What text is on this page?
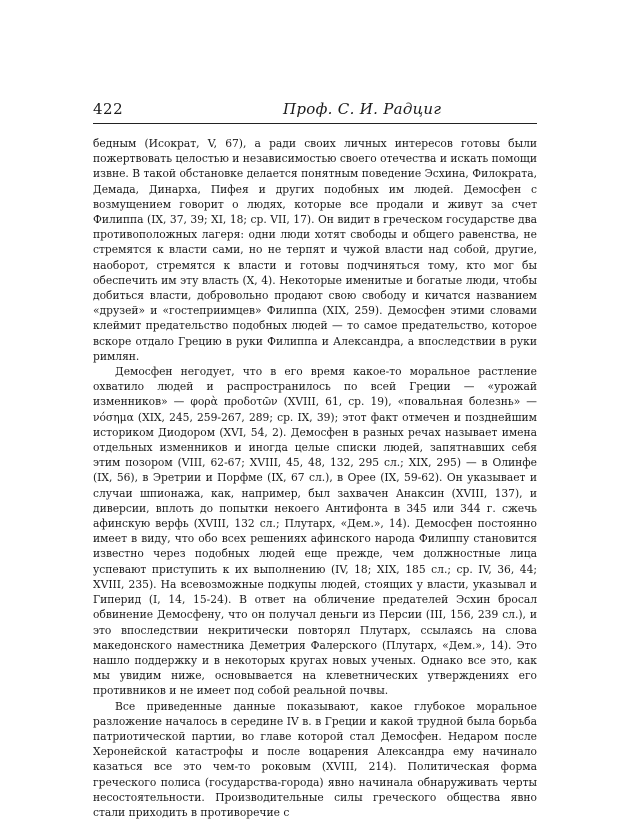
422	Проф. С. И. Радциг

бедным (Исократ, V, 67), а ради своих личных интересов готовы были пожертвовать целостью и независимостью своего отечества и искать помощи извне. В такой обстановке делается понятным поведение Эсхина, Филократа, Демада, Динарха, Пифея и других подобных им людей. Демосфен с возмущением говорит о людях, которые все продали и живут за счет Филиппа (IX, 37, 39; XI, 18; ср. VII, 17). Он видит в греческом государстве два противоположных лагеря: одни люди хотят свободы и общего равенства, не стремятся к власти сами, но не терпят и чужой власти над собой, другие, наоборот, стремятся к власти и готовы подчиняться тому, кто мог бы обеспечить им эту власть (X, 4). Некоторые именитые и богатые люди, чтобы добиться власти, добровольно продают свою свободу и кичатся названием «друзей» и «гостеприимцев» Филиппа (XIX, 259). Демосфен этими словами клеймит предательство подобных людей — то самое предательство, которое вскоре отдало Грецию в руки Филиппа и Александра, а впоследствии в руки римлян.

Демосфен негодует, что в его время какое-то моральное растление охватило людей и распространилось по всей Греции — «урожай изменников» — φορὰ προδοτῶν (XVIII, 61, ср. 19), «повальная болезнь» — νόσημα (XIX, 245, 259-267, 289; ср. IX, 39); этот факт отмечен и позднейшим историком Диодором (XVI, 54, 2). Демосфен в разных речах называет имена отдельных изменников и иногда целые списки людей, запятнавших себя этим позором (VIII, 62-67; XVIII, 45, 48, 132, 295 сл.; XIX, 295) — в Олинфе (IX, 56), в Эретрии и Порфме (IX, 67 сл.), в Орее (IX, 59-62). Он указывает и случаи шпионажа, как, например, был захвачен Анаксин (XVIII, 137), и диверсии, вплоть до попытки некоего Антифонта в 345 или 344 г. сжечь афинскую верфь (XVIII, 132 сл.; Плутарх, «Дем.», 14). Демосфен постоянно имеет в виду, что обо всех решениях афинского народа Филиппу становится известно через подобных людей еще прежде, чем должностные лица успевают приступить к их выполнению (IV, 18; XIX, 185 сл.; ср. IV, 36, 44; XVIII, 235). На всевозможные подкупы людей, стоящих у власти, указывал и Гиперид (I, 14, 15-24). В ответ на обличение предателей Эсхин бросал обвинение Демосфену, что он получал деньги из Персии (III, 156, 239 сл.), и это впоследствии некритически повторял Плутарх, ссылаясь на слова македонского наместника Деметрия Фалерского (Плутарх, «Дем.», 14). Это нашло поддержку и в некоторых кругах новых ученых. Однако все это, как мы увидим ниже, основывается на клеветнических утверждениях его противников и не имеет под собой реальной почвы.

Все приведенные данные показывают, какое глубокое моральное разложение началось в середине IV в. в Греции и какой трудной была борьба патриотической партии, во главе которой стал Демосфен. Недаром после Херонейской катастрофы и после воцарения Александра ему начинало казаться все это чем-то роковым (XVIII, 214). Политическая форма греческого полиса (государства-города) явно начинала обнаруживать черты несостоятельности. Производительные силы греческого общества явно стали приходить в противоречие с
